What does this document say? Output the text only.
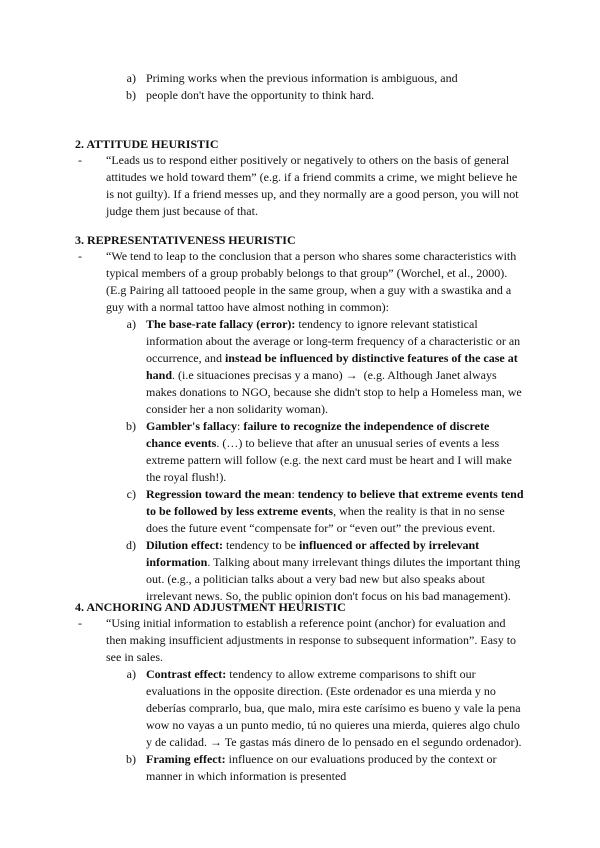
a) Priming works when the previous information is ambiguous, and
b) people don't have the opportunity to think hard.
2. ATTITUDE HEURISTIC
-	“Leads us to respond either positively or negatively to others on the basis of general
attitudes we hold toward them” (e.g. if a friend commits a crime, we might believe he
is not guilty). If a friend messes up, and they normally are a good person, you will not
judge them just because of that.
3. REPRESENTATIVENESS HEURISTIC
-	“We tend to leap to the conclusion that a person who shares some characteristics with
typical members of a group probably belongs to that group” (Worchel, et al., 2000).
(E.g Pairing all tattooed people in the same group, when a guy with a swastika and a
guy with a normal tattoo have almost nothing in common):
a) The base-rate fallacy (error): tendency to ignore relevant statistical
information about the average or long-term frequency of a characteristic or an
occurrence, and instead be influenced by distinctive features of the case at
hand. (i.e situaciones precisas y a mano) →  (e.g. Although Janet always
makes donations to NGO, because she didn't stop to help a Homeless man, we
consider her a non solidarity woman).
b) Gambler's fallacy: failure to recognize the independence of discrete
chance events. (…) to believe that after an unusual series of events a less
extreme pattern will follow (e.g. the next card must be heart and I will make
the royal flush!).
c) Regression toward the mean: tendency to believe that extreme events tend
to be followed by less extreme events, when the reality is that in no sense
does the future event “compensate for” or “even out” the previous event.
d) Dilution effect: tendency to be influenced or affected by irrelevant
information. Talking about many irrelevant things dilutes the important thing
out. (e.g., a politician talks about a very bad new but also speaks about
irrelevant news. So, the public opinion don't focus on his bad management).
4. ANCHORING AND ADJUSTMENT HEURISTIC
-	“Using initial information to establish a reference point (anchor) for evaluation and
then making insufficient adjustments in response to subsequent information”. Easy to
see in sales.
a) Contrast effect: tendency to allow extreme comparisons to shift our
evaluations in the opposite direction. (Este ordenador es una mierda y no
deberías comprarlo, bua, que malo, mira este carísimo es bueno y vale la pena
wow no vayas a un punto medio, tú no quieres una mierda, quieres algo chulo
y de calidad. → Te gastas más dinero de lo pensado en el segundo ordenador).
b) Framing effect: influence on our evaluations produced by the context or
manner in which information is presented
